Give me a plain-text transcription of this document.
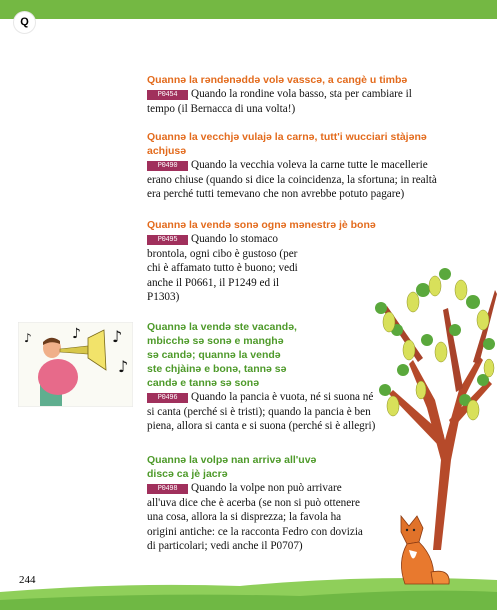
Q

Quannə la rəndənəddə volə vasscə, a cangè u timbə

P0454 Quando la rondine vola basso, sta per cambiare il

tempo (il Bernacca di una volta!)

Quannə la vecchjə vulajə la carnə, tutt'i wucciari stàjənə

achjusə

P0490 Quando la vecchia voleva la carne tutte le macellerie

erano chiuse (quando si dice la coincidenza, la sfortuna; in realtà

era perché tutti temevano che non avrebbe potuto pagare)

Quannə la vendə sonə ognə mənestrə jè bonə

P0495 Quando lo stomaco

brontola, ogni cibo è gustoso (per

chi è affamato tutto è buono; vedi

anche il P0661, il P1249 ed il

P1303)

Quannə la vendə ste vacandə,

mbicchə sə sonə e manghə

sə candə; quannə la vendə

ste chjàinə e bonə, tannə sə

candə e tannə sə sonə

P0496 Quando la pancia è vuota, né si suona né

si canta (perché si è tristi); quando la pancia è ben

piena, allora si canta e si suona (perché si è allegri)

Quannə la volpə nan arrivə all'uvə

discə ca jè jacrə

P0498 Quando la volpe non può arrivare

all'uva dice che è acerba (se non si può ottenere

una cosa, allora la si disprezza; la favola ha

origini antiche: ce la racconta Fedro con dovizia

di particolari; vedi anche il P0707)

♪ ♪
♪
♪
244
